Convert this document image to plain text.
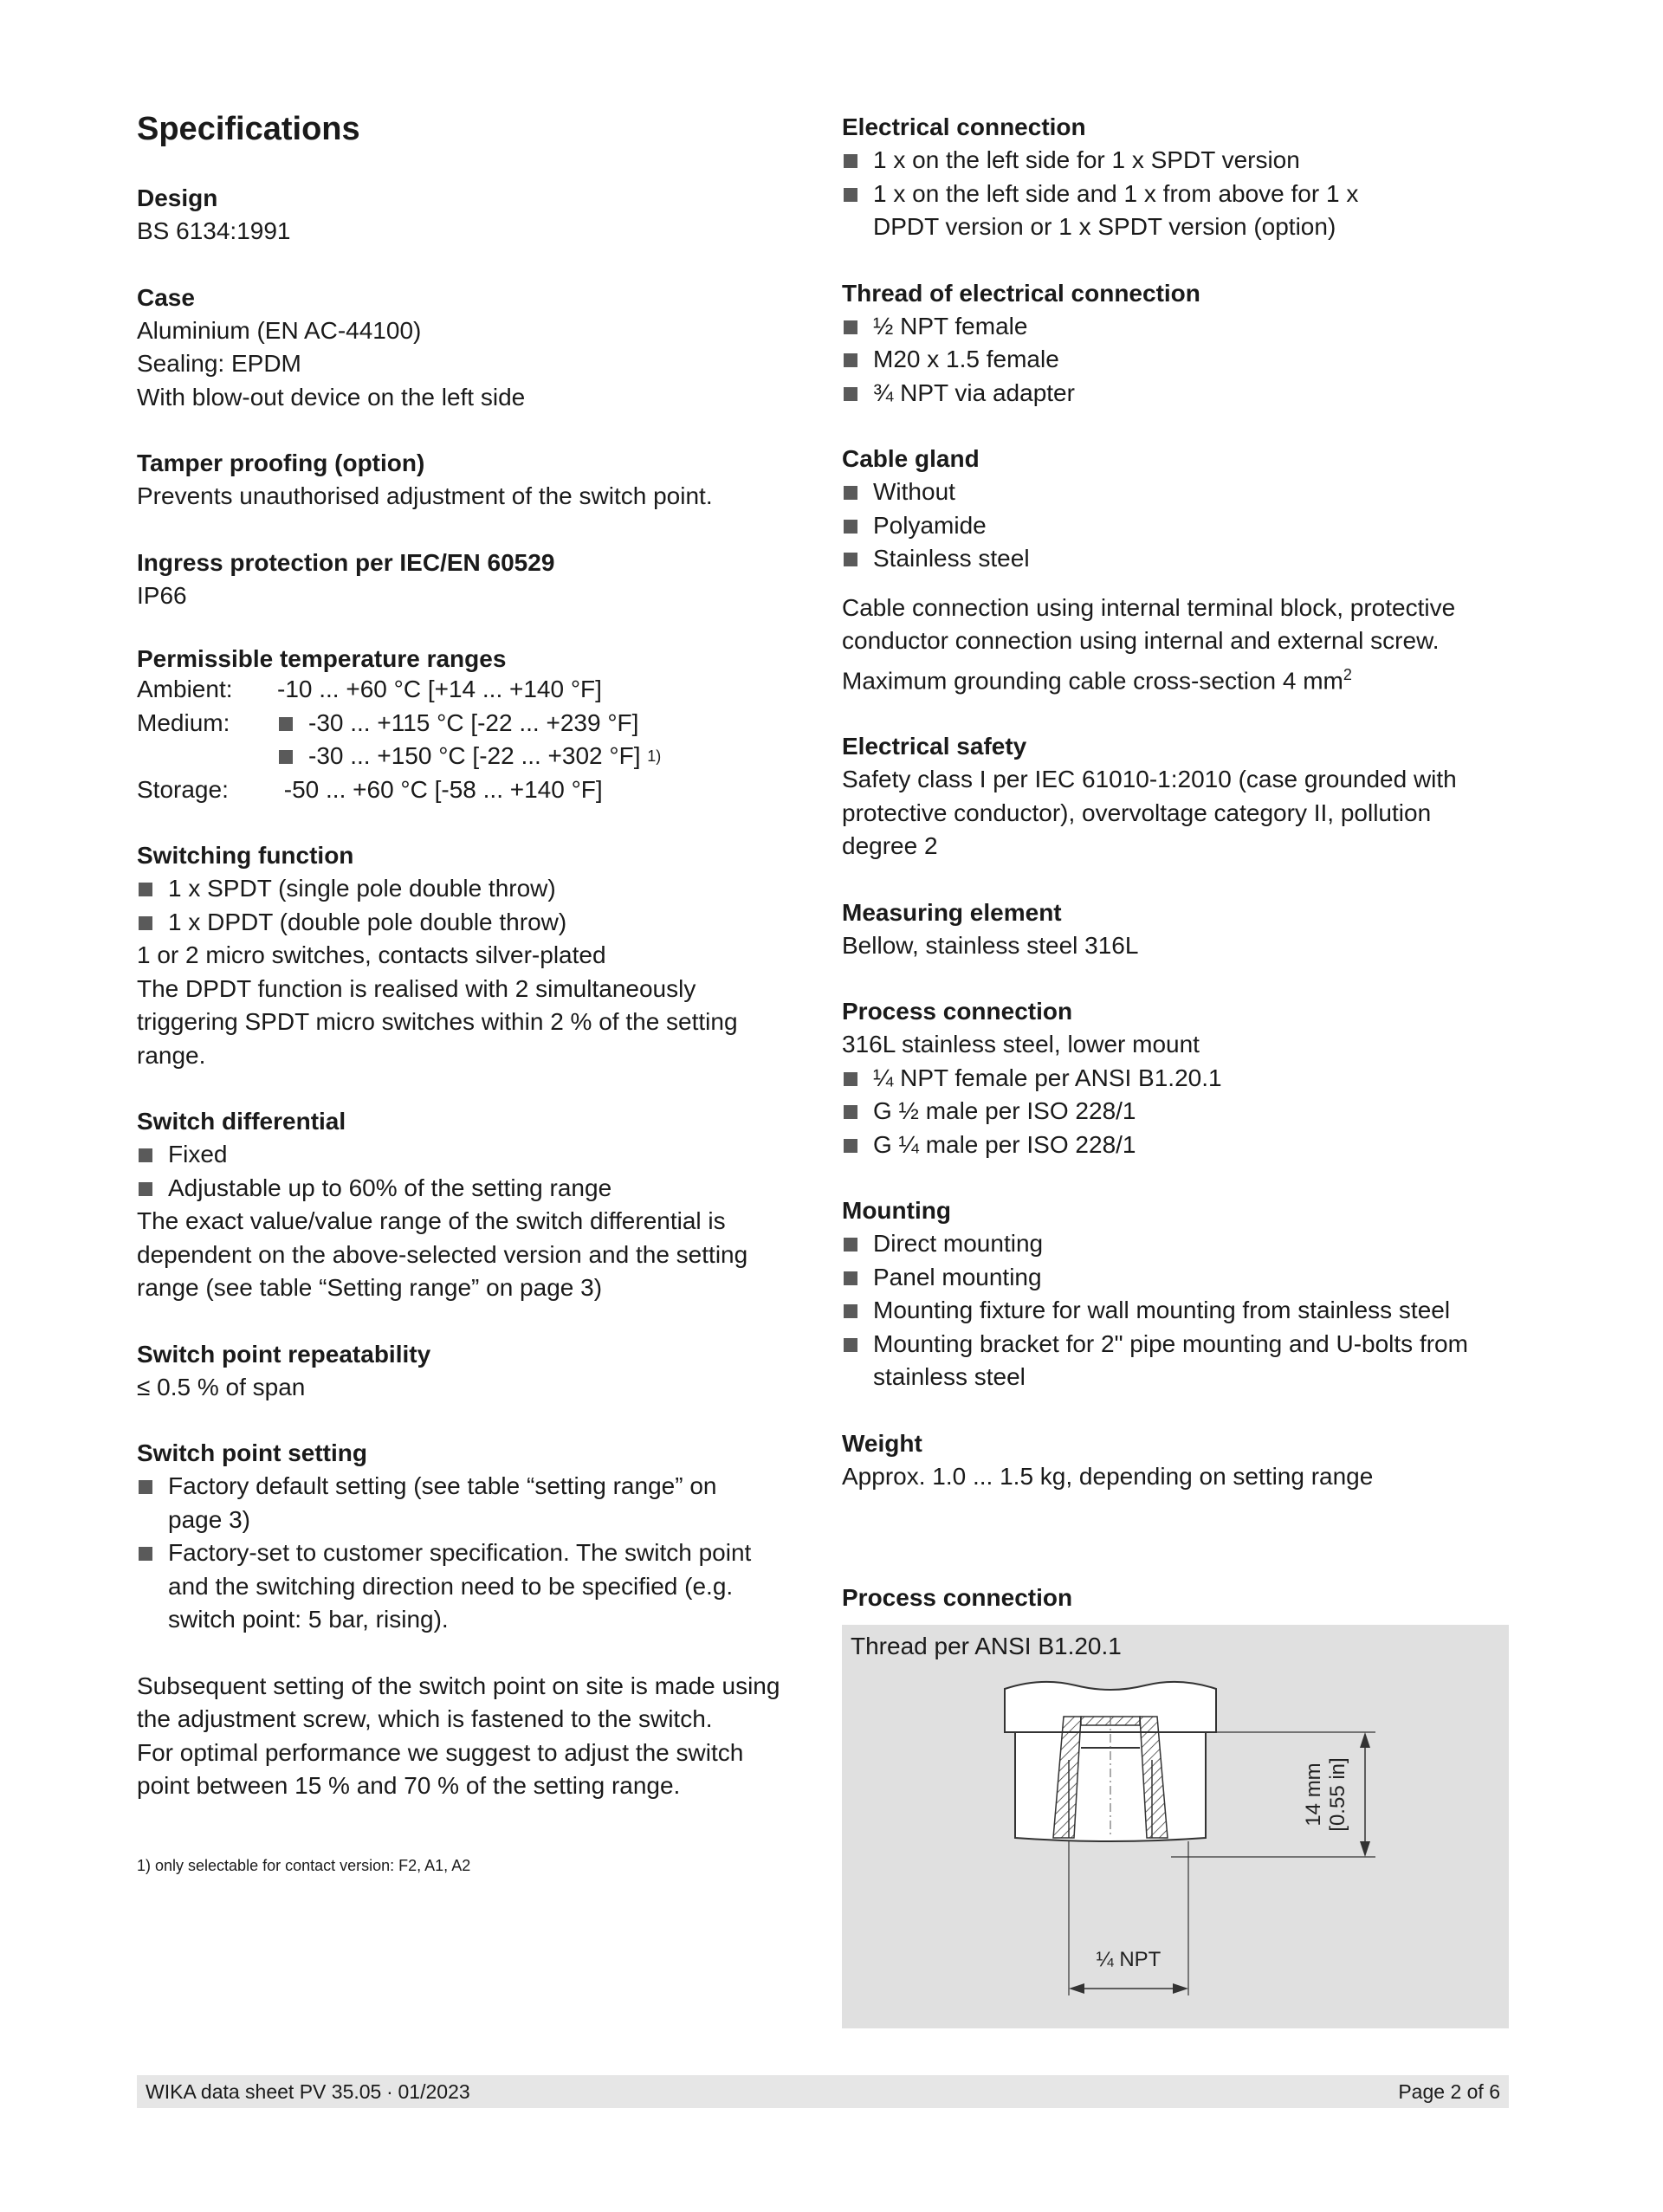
Specifications
Design
BS 6134:1991
Case
Aluminium (EN AC-44100)
Sealing: EPDM
With blow-out device on the left side
Tamper proofing (option)
Prevents unauthorised adjustment of the switch point.
Ingress protection per IEC/EN 60529
IP66
Permissible temperature ranges
Ambient:	-10 ... +60 °C [+14 ... +140 °F]
Medium:	-30 ... +115 °C [-22 ... +239 °F]
-30 ... +150 °C [-22 ... +302 °F]
1)
Storage:	-50 ... +60 °C [-58 ... +140 °F]
Switching function
1 x SPDT (single pole double throw)
1 x DPDT (double pole double throw)
1 or 2 micro switches, contacts silver-plated
The DPDT function is realised with 2 simultaneously
triggering SPDT micro switches within 2 % of the setting
range.
Switch differential
Fixed
Adjustable up to 60% of the setting range
The exact value/value range of the switch differential is
dependent on the above-selected version and the setting
range (see table “Setting range” on page 3)
Switch point repeatability
≤ 0.5 % of span
Switch point setting
Factory default setting (see table “setting range” on page 3)
Factory-set to customer specification. The switch point and the switching direction need to be specified (e.g. switch point: 5 bar, rising).
Subsequent setting of the switch point on site is made using
the adjustment screw, which is fastened to the switch.
For optimal performance we suggest to adjust the switch
point between 15 % and 70 % of the setting range.
1) only selectable for contact version: F2, A1, A2
Electrical connection
1 x on the left side for 1 x SPDT version
1 x on the left side and 1 x from above for 1 x DPDT version or 1 x SPDT version (option)
Thread of electrical connection
½ NPT female
M20 x 1.5 female
¾ NPT via adapter
Cable gland
Without
Polyamide
Stainless steel
Cable connection using internal terminal block, protective
conductor connection using internal and external screw.
Maximum grounding cable cross-section 4 $mm^2$
Electrical safety
Safety class I per IEC 61010-1:2010 (case grounded with
protective conductor), overvoltage category II, pollution
degree 2
Measuring element
Bellow, stainless steel 316L
Process connection
316L stainless steel, lower mount
¼ NPT female per ANSI B1.20.1
G ½ male per ISO 228/1
G ¼ male per ISO 228/1
Mounting
Direct mounting
Panel mounting
Mounting fixture for wall mounting from stainless steel
Mounting bracket for 2" pipe mounting and U-bolts from stainless steel
Weight
Approx. 1.0 ... 1.5 kg, depending on setting range
Process connection
Thread per ANSI B1.20.1
14 mm [0.55 in]
¼ NPT
WIKA data sheet PV 35.05 ∙ 01/2023	Page 2 of 6
